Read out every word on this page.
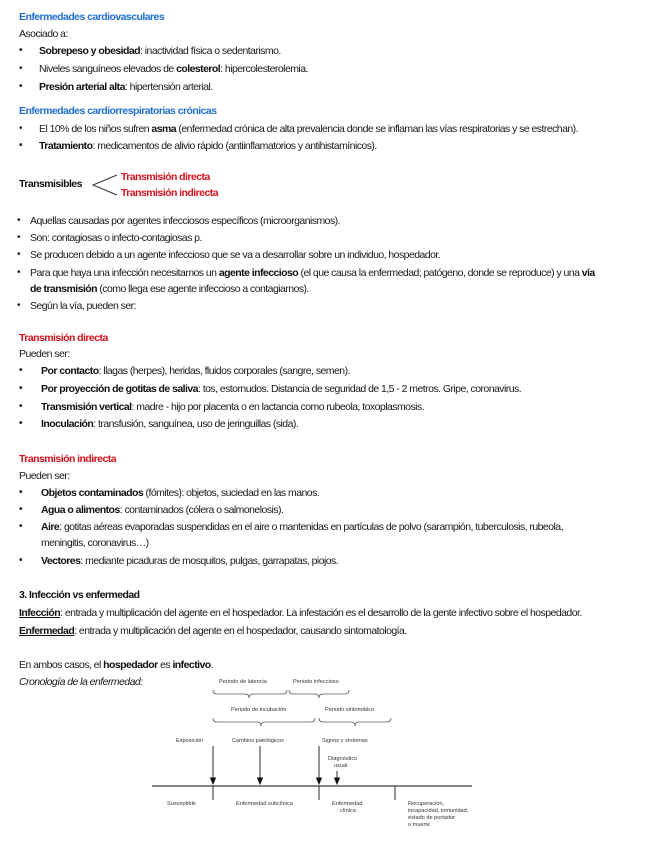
Enfermedades cardiovasculares
Asociado a:
• Sobrepeso y obesidad: inactividad física o sedentarismo.
• Niveles sanguíneos elevados de colesterol: hipercolesterolemia.
• Presión arterial alta: hipertensión arterial.
Enfermedades cardiorrespiratorias crónicas
• El 10% de los niños sufren asma (enfermedad crónica de alta prevalencia donde se inflaman las vías respiratorias y se estrechan).
• Tratamiento: medicamentos de alivio rápido (antiinflamatorios y antihistamínicos).
Transmisibles
Transmisión directa
Transmisión indirecta
• Aquellas causadas por agentes infecciosos específicos (microorganismos).
• Son: contagiosas o infecto-contagiosas p.
• Se producen debido a un agente infeccioso que se va a desarrollar sobre un individuo, hospedador.
• Para que haya una infección necesitamos un agente infeccioso (el que causa la enfermedad; patógeno, donde se reproduce) y una vía
de transmisión (como llega ese agente infeccioso a contagiarnos).
• Según la vía, pueden ser:
Transmisión directa
Pueden ser:
• Por contacto: llagas (herpes), heridas, fluidos corporales (sangre, semen).
• Por proyección de gotitas de saliva: tos, estornudos. Distancia de seguridad de 1,5 - 2 metros. Gripe, coronavirus.
• Transmisión vertical: madre - hijo por placenta o en lactancia como rubeola, toxoplasmosis.
• Inoculación: transfusión, sanguínea, uso de jeringuillas (sida).
Transmisión indirecta
Pueden ser:
• Objetos contaminados (fómites): objetos, suciedad en las manos.
• Agua o alimentos: contaminados (cólera o salmonelosis).
• Aire: gotitas aéreas evaporadas suspendidas en el aire o mantenidas en partículas de polvo (sarampión, tuberculosis, rubeola,
meningitis, coronavirus…)
• Vectores: mediante picaduras de mosquitos, pulgas, garrapatas, piojos.
3. Infección vs enfermedad
Infección: entrada y multiplicación del agente en el hospedador. La infestación es el desarrollo de la gente infectivo sobre el hospedador.
Enfermedad: entrada y multiplicación del agente en el hospedador, causando sintomatología.
En ambos casos, el hospedador es infectivo.
Cronología de la enfermedad:	Periodo de latencia	Periodo infeccioso
Periodo de incubación	Periodo sintomático
Exposición	Cambios patológicos	Signos y síntomas
Diagnóstico
usual
Susceptible	Enfermedad subclínica	Enfermedad
clínica
Recuperación,
incapacidad, inmunidad,
estado de portador
o muerte
